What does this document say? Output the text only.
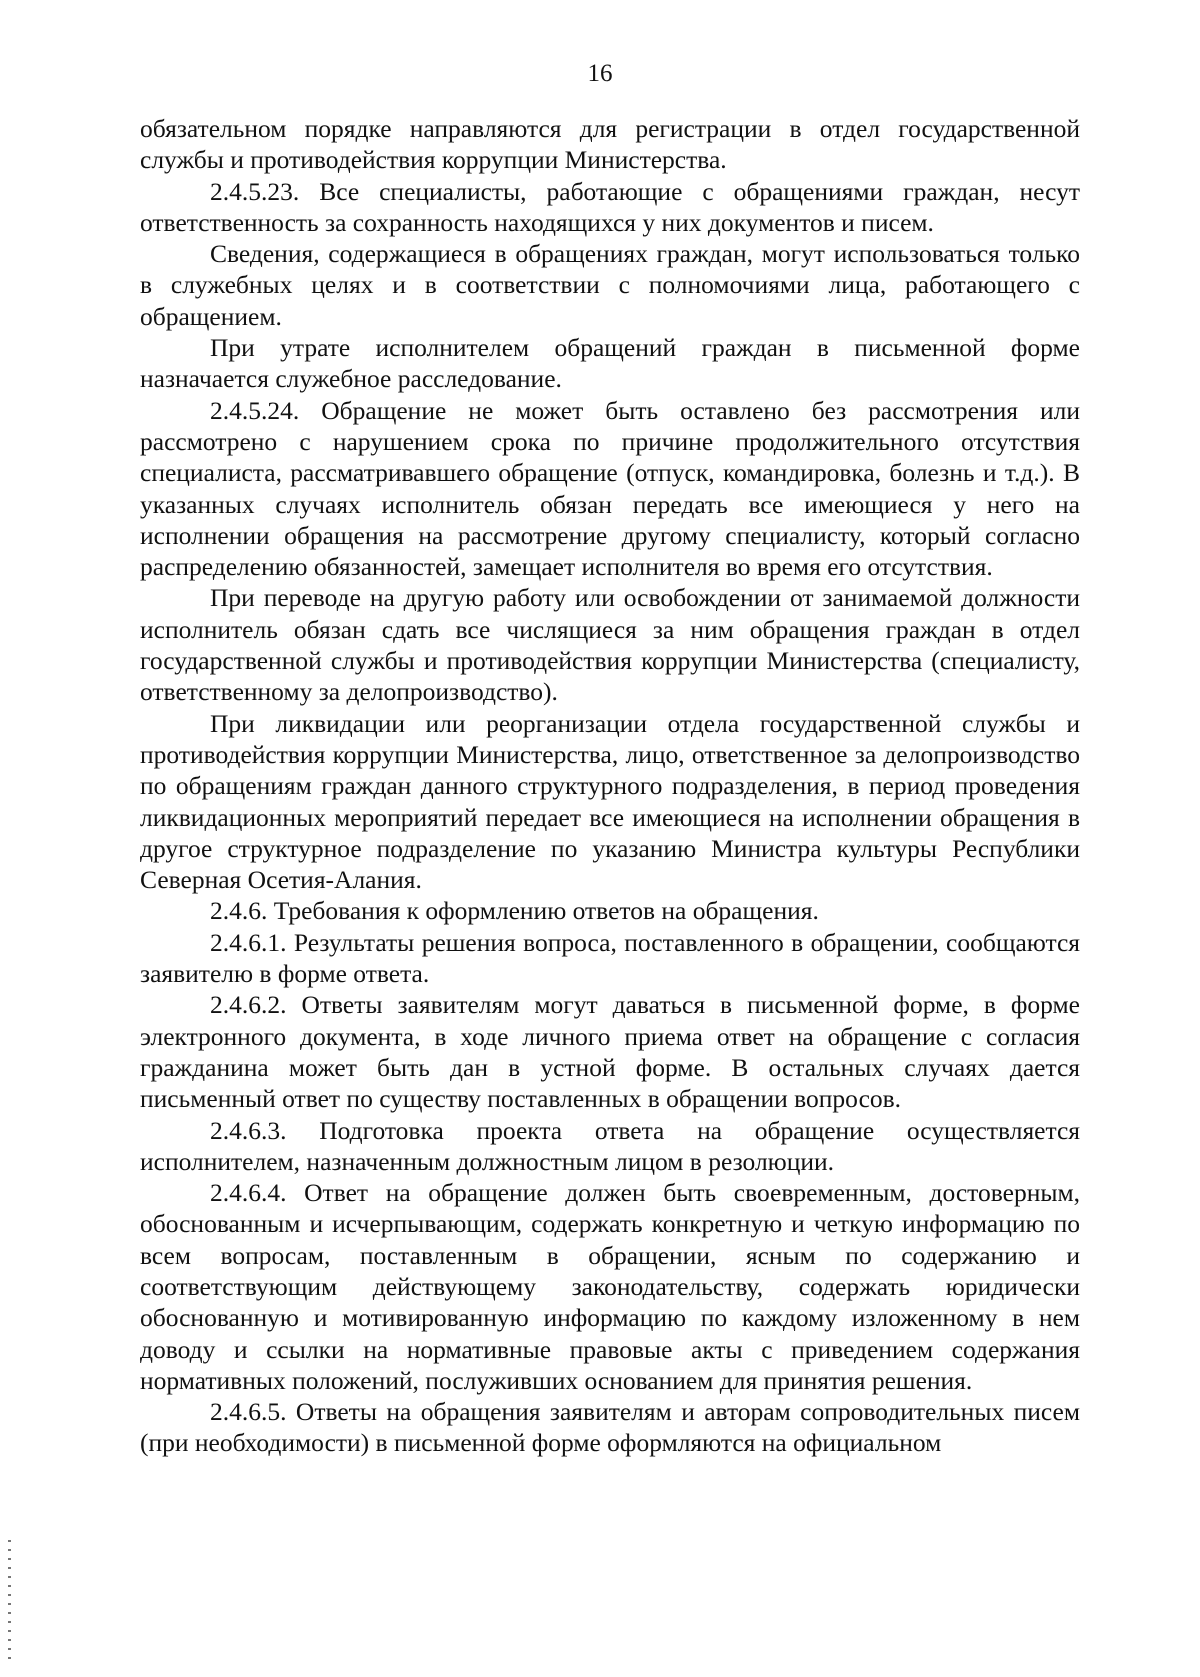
16

обязательном порядке направляются для регистрации в отдел государственной службы и противодействия коррупции Министерства.

2.4.5.23. Все специалисты, работающие с обращениями граждан, несут ответственность за сохранность находящихся у них документов и писем.

Сведения, содержащиеся в обращениях граждан, могут использоваться только в служебных целях и в соответствии с полномочиями лица, работающего с обращением.

При утрате исполнителем обращений граждан в письменной форме назначается служебное расследование.

2.4.5.24. Обращение не может быть оставлено без рассмотрения или рассмотрено с нарушением срока по причине продолжительного отсутствия специалиста, рассматривавшего обращение (отпуск, командировка, болезнь и т.д.). В указанных случаях исполнитель обязан передать все имеющиеся у него на исполнении обращения на рассмотрение другому специалисту, который согласно распределению обязанностей, замещает исполнителя во время его отсутствия.

При переводе на другую работу или освобождении от занимаемой должности исполнитель обязан сдать все числящиеся за ним обращения граждан в отдел государственной службы и противодействия коррупции Министерства (специалисту, ответственному за делопроизводство).

При ликвидации или реорганизации отдела государственной службы и противодействия коррупции Министерства, лицо, ответственное за делопроизводство по обращениям граждан данного структурного подразделения, в период проведения ликвидационных мероприятий передает все имеющиеся на исполнении обращения в другое структурное подразделение по указанию Министра культуры Республики Северная Осетия-Алания.

2.4.6. Требования к оформлению ответов на обращения.

2.4.6.1. Результаты решения вопроса, поставленного в обращении, сообщаются заявителю в форме ответа.

2.4.6.2. Ответы заявителям могут даваться в письменной форме, в форме электронного документа, в ходе личного приема ответ на обращение с согласия гражданина может быть дан в устной форме. В остальных случаях дается письменный ответ по существу поставленных в обращении вопросов.

2.4.6.3. Подготовка проекта ответа на обращение осуществляется исполнителем, назначенным должностным лицом в резолюции.

2.4.6.4. Ответ на обращение должен быть своевременным, достоверным, обоснованным и исчерпывающим, содержать конкретную и четкую информацию по всем вопросам, поставленным в обращении, ясным по содержанию и соответствующим действующему законодательству, содержать юридически обоснованную и мотивированную информацию по каждому изложенному в нем доводу и ссылки на нормативные правовые акты с приведением содержания нормативных положений, послуживших основанием для принятия решения.

2.4.6.5. Ответы на обращения заявителям и авторам сопроводительных писем (при необходимости) в письменной форме оформляются на официальном
